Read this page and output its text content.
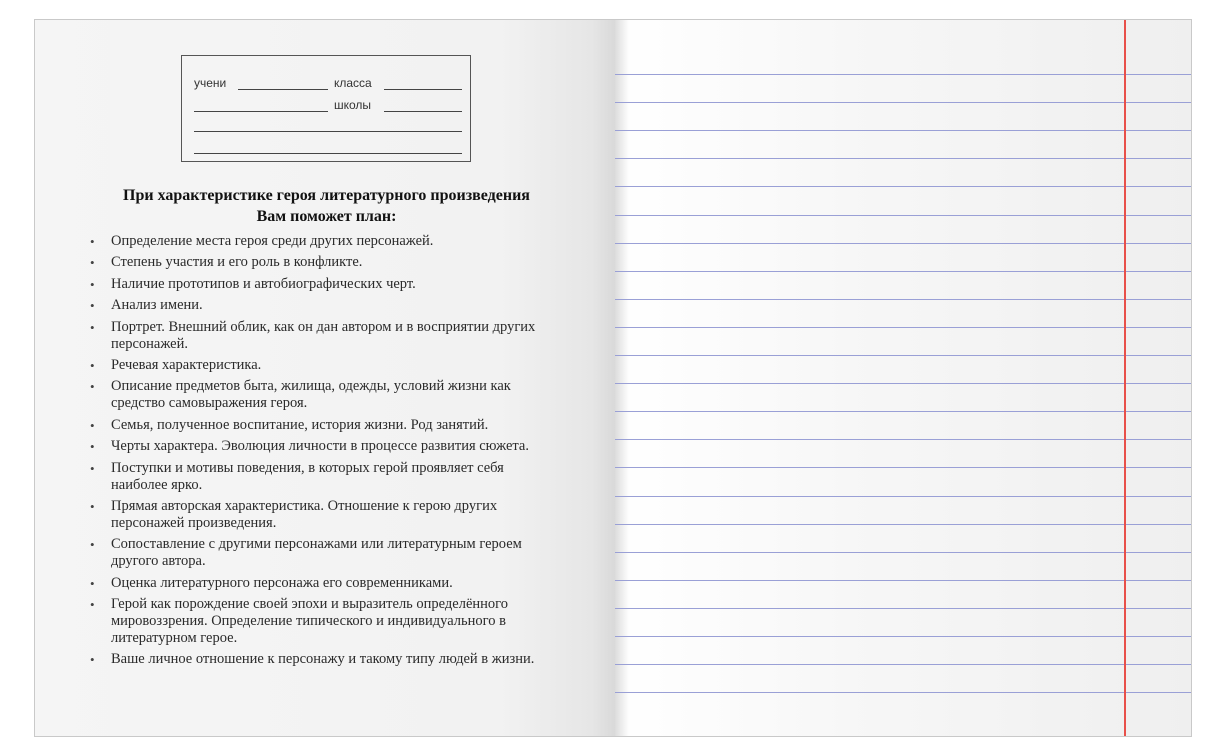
учени	класса
школы
При характеристике героя литературного произведения
Вам поможет план:
• Определение места героя среди других персонажей.
• Степень участия и его роль в конфликте.
• Наличие прототипов и автобиографических черт.
• Анализ имени.
• Портрет. Внешний облик, как он дан автором и в восприятии других персонажей.
• Речевая характеристика.
• Описание предметов быта, жилища, одежды, условий жизни как средство самовыражения героя.
• Семья, полученное воспитание, история жизни. Род занятий.
• Черты характера. Эволюция личности в процессе развития сюжета.
• Поступки и мотивы поведения, в которых герой проявляет себя наиболее ярко.
• Прямая авторская характеристика. Отношение к герою других персонажей произведения.
• Сопоставление с другими персонажами или литературным героем другого автора.
• Оценка литературного персонажа его современниками.
• Герой как порождение своей эпохи и выразитель определённого мировоззрения. Определение типического и индивидуального в литературном герое.
• Ваше личное отношение к персонажу и такому типу людей в жизни.
